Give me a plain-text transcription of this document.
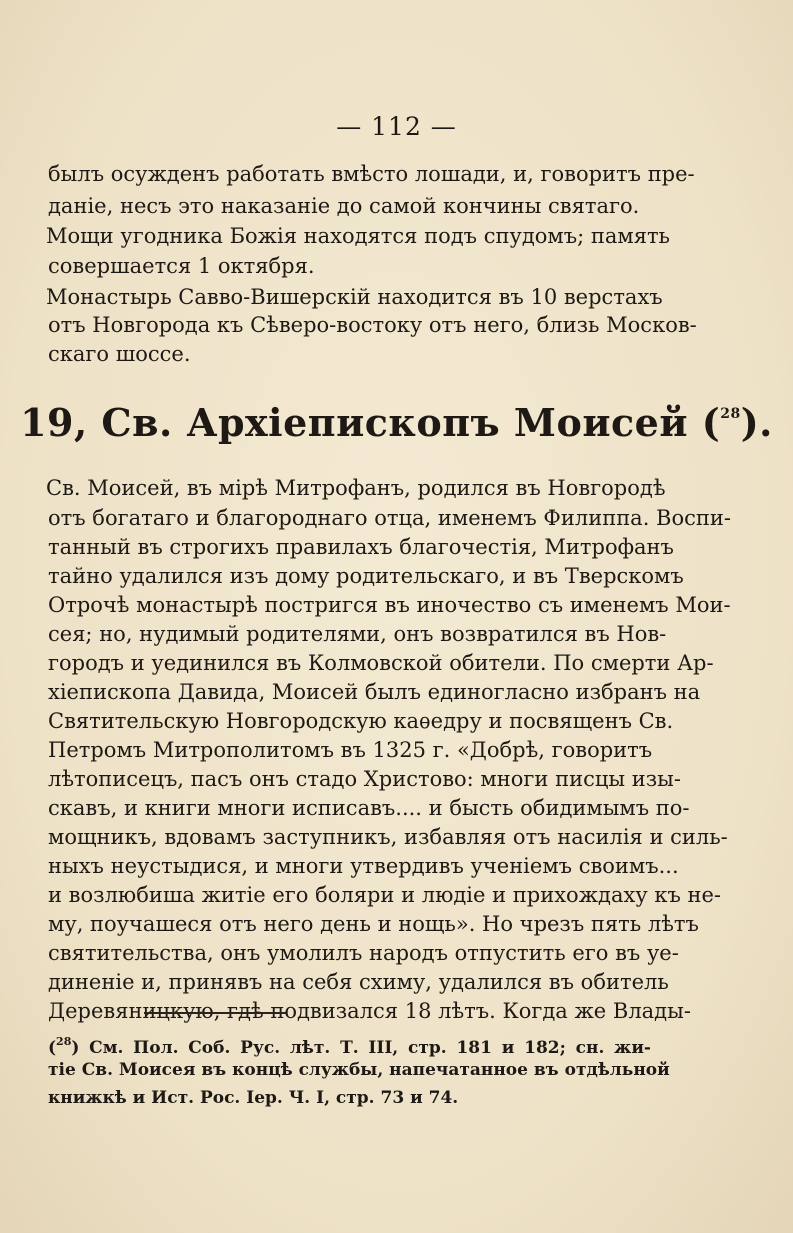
— 112 —
былъ осужденъ работать вмѣсто лошади, и, говоритъ пре-
даніе, несъ это наказаніе до самой кончины святаго.
Мощи угодника Божія находятся подъ спудомъ; память
совершается 1 октября.
Монастырь Савво-Вишерскій находится въ 10 верстахъ
отъ Новгорода къ Сѣверо-востоку отъ него, близь Москов-
скаго шоссе.
19, Св. Архіепископъ Моисей ($^{28}$).
Св. Моисей, въ мірѣ Митрофанъ, родился въ Новгородѣ
отъ богатаго и благороднаго отца, именемъ Филиппа. Воспи-
танный въ строгихъ правилахъ благочестія, Митрофанъ
тайно удалился изъ дому родительскаго, и въ Тверскомъ
Отрочѣ монастырѣ постригся въ иночество съ именемъ Мои-
сея; но, нудимый родителями, онъ возвратился въ Нов-
городъ и уединился въ Колмовской обители. По смерти Ар-
хіепископа Давида, Моисей былъ единогласно избранъ на
Святительскую Новгородскую каѳедру и посвященъ Св.
Петромъ Митрополитомъ въ 1325 г. «Добрѣ, говоритъ
лѣтописецъ, пасъ онъ стадо Христово: многи писцы изы-
скавъ, и книги многи исписавъ.... и бысть обидимымъ по-
мощникъ, вдовамъ заступникъ, избавляя отъ насилія и силь-
ныхъ неустыдися, и многи утвердивъ ученіемъ своимъ...
и возлюбиша житіе его боляри и людіе и прихождаху къ не-
му, поучашеся отъ него день и нощь». Но чрезъ пять лѣтъ
святительства, онъ умолилъ народъ отпустить его въ уе-
диненіе и, принявъ на себя схиму, удалился въ обитель
Деревяницкую, гдѣ подвизался 18 лѣтъ. Когда же Влады-
($^{28}$) См. Пол. Соб. Рус. лѣт. Т. III, стр. 181 и 182; сн. жи-
тіе Св. Моисея въ концѣ службы, напечатанное въ отдѣльной
книжкѣ и Ист. Рос. Іер. Ч. I, стр. 73 и 74.
